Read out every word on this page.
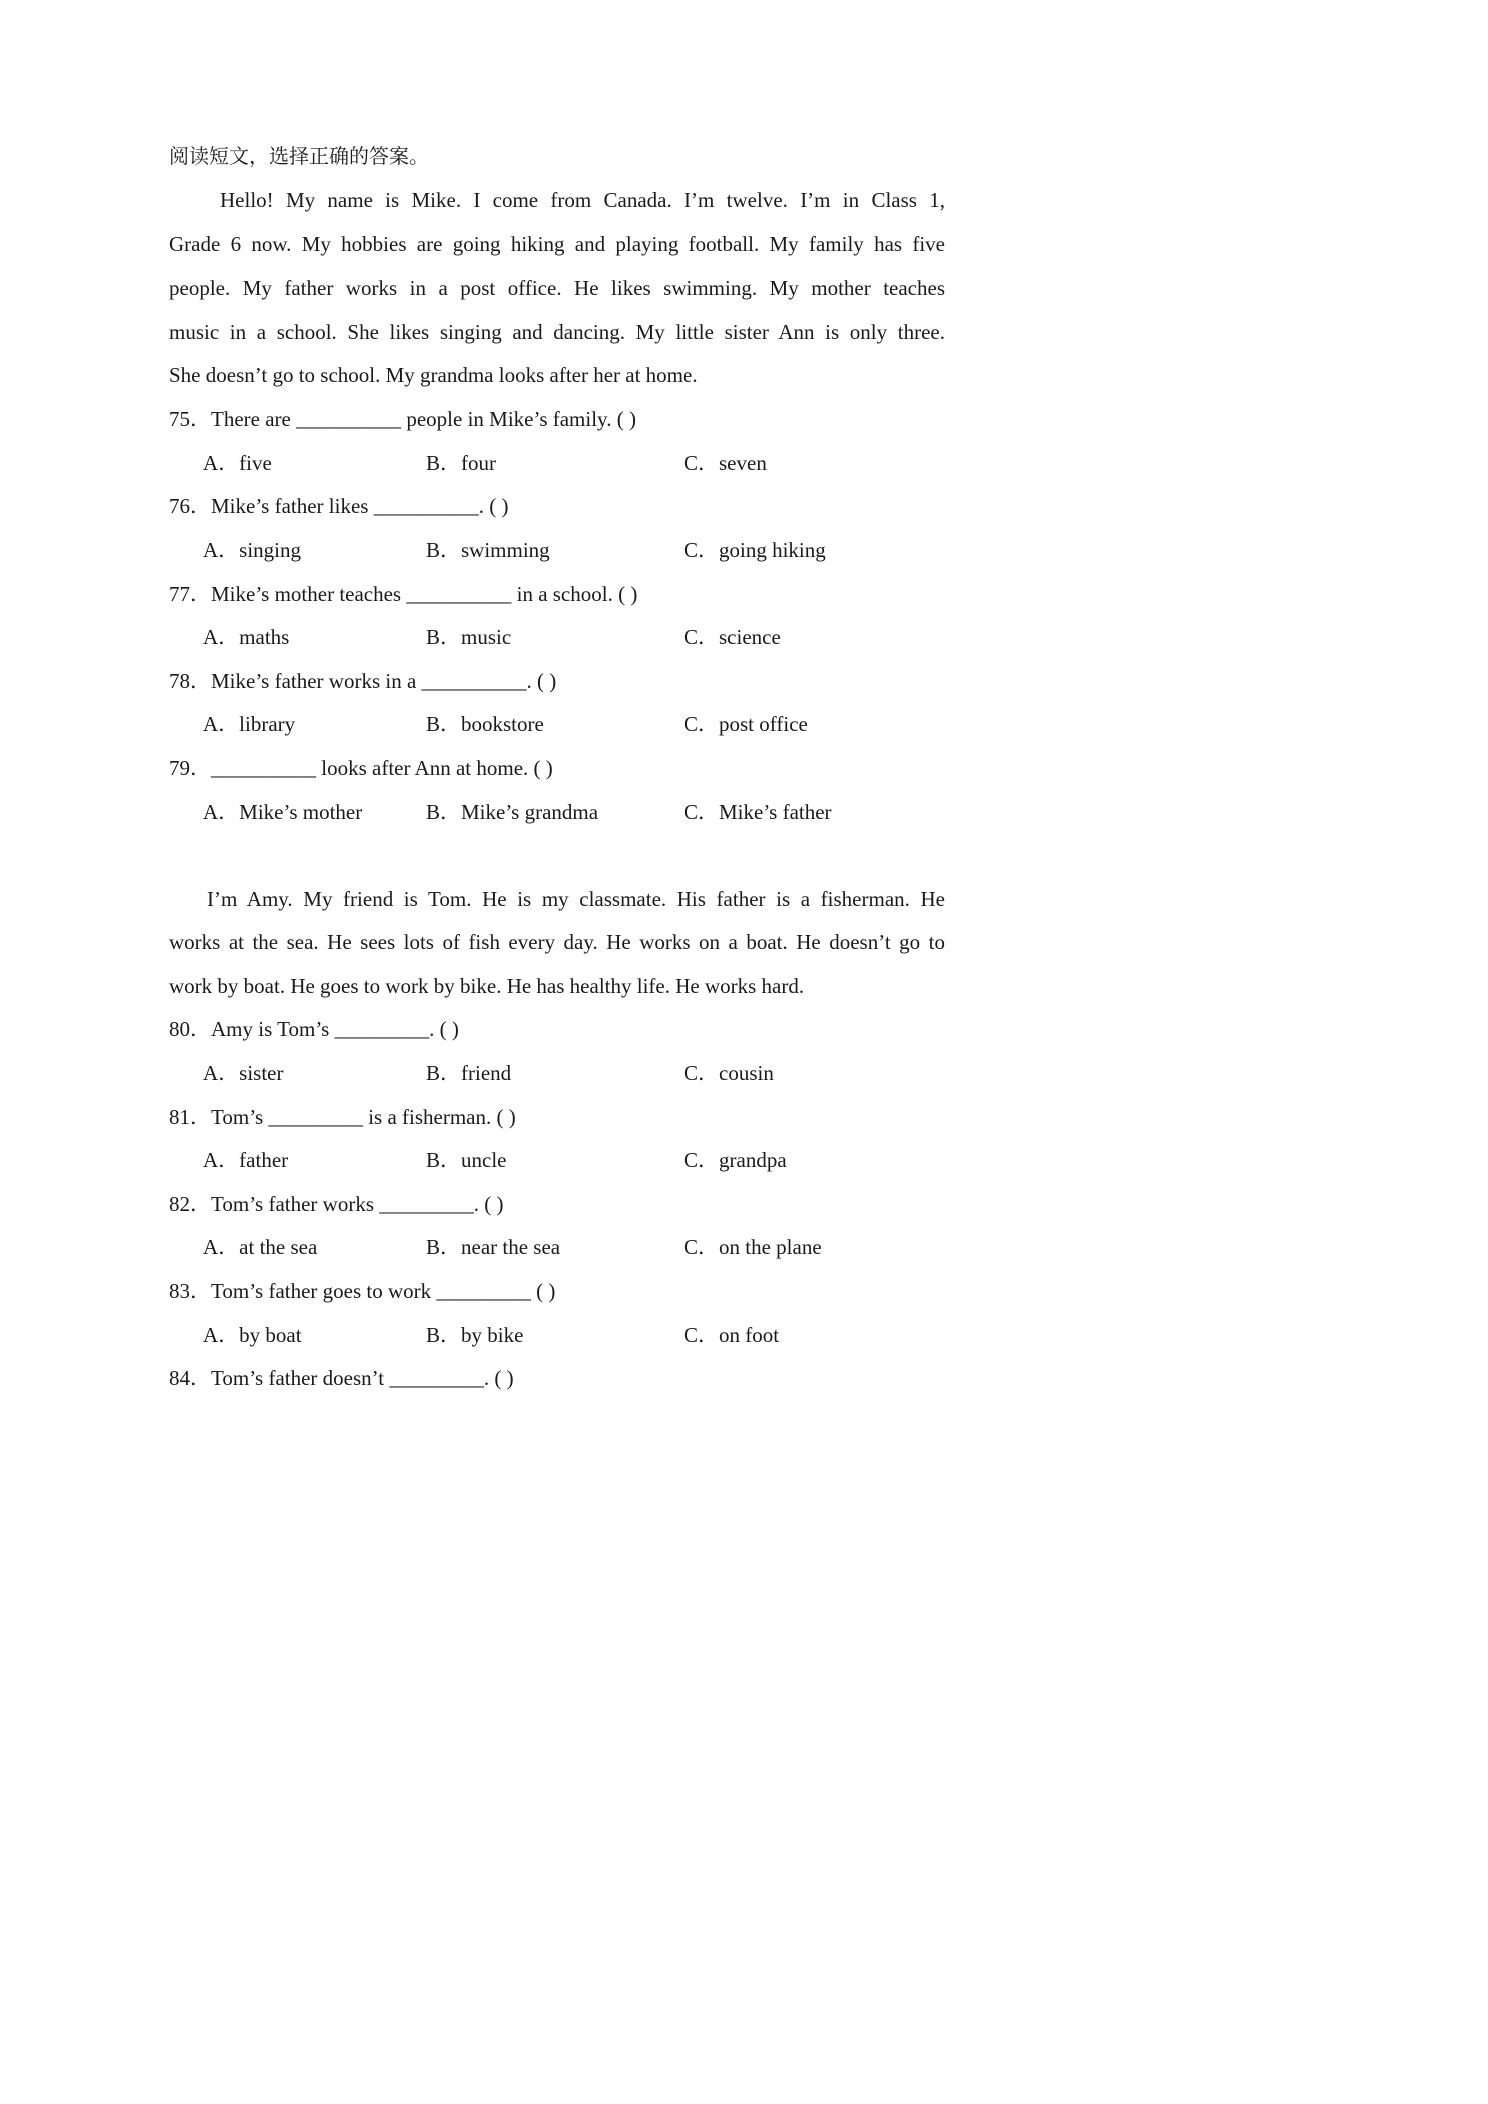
阅读短文，选择正确的答案。
Hello! My name is Mike. I come from Canada. I’m twelve. I’m in Class 1,
Grade 6 now. My hobbies are going hiking and playing football. My family has five
people. My father works in a post office. He likes swimming. My mother teaches
music in a school. She likes singing and dancing. My little sister Ann is only three.
She doesn’t go to school. My grandma looks after her at home.
75．There are __________ people in Mike’s family. ( )
A．five	B．four	C．seven
76．Mike’s father likes __________. ( )
A．singing	B．swimming	C．going hiking
77．Mike’s mother teaches __________ in a school. ( )
A．maths	B．music	C．science
78．Mike’s father works in a __________. ( )
A．library	B．bookstore	C．post office
79．__________ looks after Ann at home. ( )
A．Mike’s mother	B．Mike’s grandma	C．Mike’s father
I’m Amy. My friend is Tom. He is my classmate. His father is a fisherman. He
works at the sea. He sees lots of fish every day. He works on a boat. He doesn’t go to
work by boat. He goes to work by bike. He has healthy life. He works hard.
80．Amy is Tom’s _________. ( )
A．sister	B．friend	C．cousin
81．Tom’s _________ is a fisherman. ( )
A．father	B．uncle	C．grandpa
82．Tom’s father works _________. ( )
A．at the sea	B．near the sea	C．on the plane
83．Tom’s father goes to work _________ ( )
A．by boat	B．by bike	C．on foot
84．Tom’s father doesn’t _________. ( )
